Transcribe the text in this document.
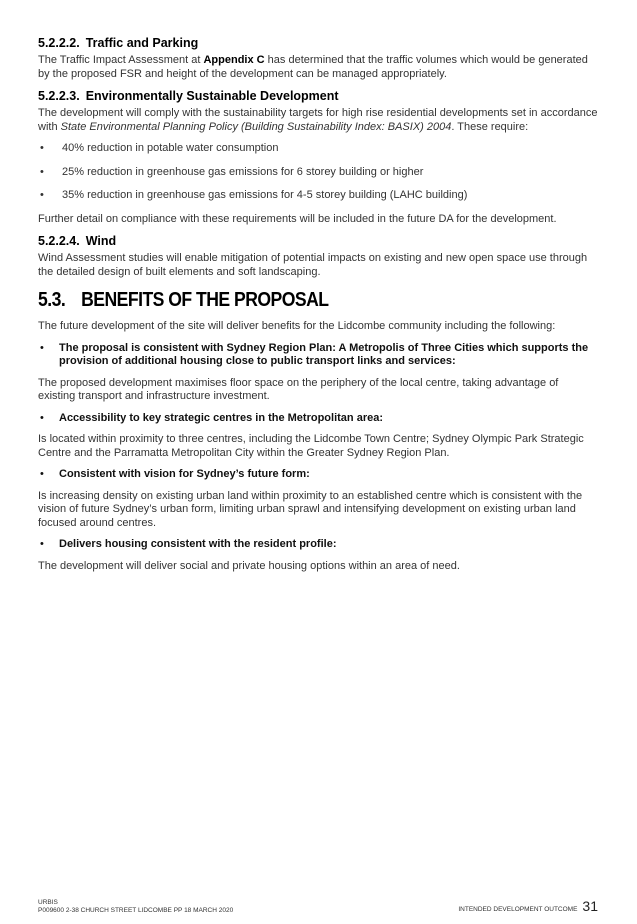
5.2.2.2. Traffic and Parking

The Traffic Impact Assessment at Appendix C has determined that the traffic volumes which would be generated by the proposed FSR and height of the development can be managed appropriately.

5.2.2.3. Environmentally Sustainable Development

The development will comply with the sustainability targets for high rise residential developments set in accordance with State Environmental Planning Policy (Building Sustainability Index: BASIX) 2004. These require:

• 40% reduction in potable water consumption
• 25% reduction in greenhouse gas emissions for 6 storey building or higher
• 35% reduction in greenhouse gas emissions for 4-5 storey building (LAHC building)

Further detail on compliance with these requirements will be included in the future DA for the development.

5.2.2.4. Wind

Wind Assessment studies will enable mitigation of potential impacts on existing and new open space use through the detailed design of built elements and soft landscaping.

5.3. BENEFITS OF THE PROPOSAL

The future development of the site will deliver benefits for the Lidcombe community including the following:

• The proposal is consistent with Sydney Region Plan: A Metropolis of Three Cities which supports the provision of additional housing close to public transport links and services:

The proposed development maximises floor space on the periphery of the local centre, taking advantage of existing transport and infrastructure investment.

• Accessibility to key strategic centres in the Metropolitan area:

Is located within proximity to three centres, including the Lidcombe Town Centre; Sydney Olympic Park Strategic Centre and the Parramatta Metropolitan City within the Greater Sydney Region Plan.

• Consistent with vision for Sydney’s future form:

Is increasing density on existing urban land within proximity to an established centre which is consistent with the vision of future Sydney’s urban form, limiting urban sprawl and intensifying development on existing urban land focused around centres.

• Delivers housing consistent with the resident profile:

The development will deliver social and private housing options within an area of need.

URBIS
P009600 2-38 CHURCH STREET LIDCOMBE PP 18 MARCH 2020	INTENDED DEVELOPMENT OUTCOME 31
